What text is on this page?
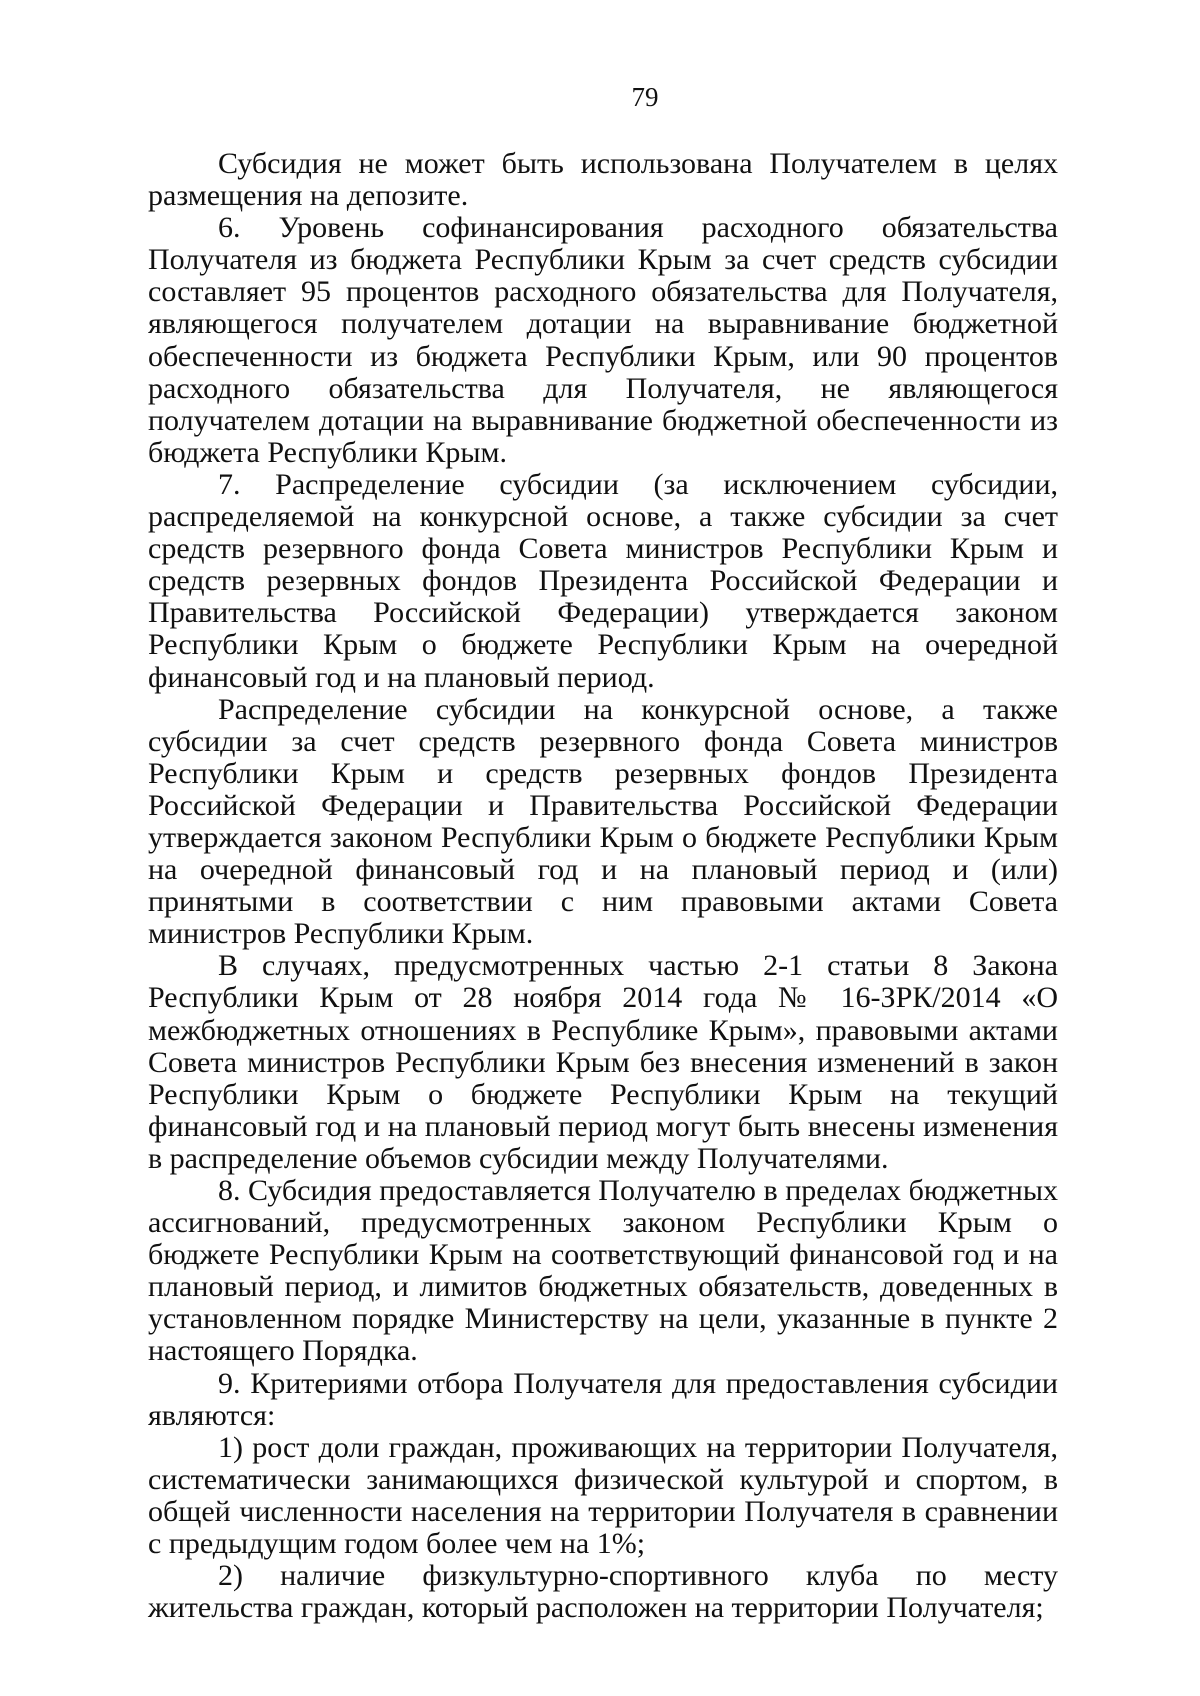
79

Субсидия не может быть использована Получателем в целях размещения на депозите.

6. Уровень софинансирования расходного обязательства Получателя из бюджета Республики Крым за счет средств субсидии составляет 95 процентов расходного обязательства для Получателя, являющегося получателем дотации на выравнивание бюджетной обеспеченности из бюджета Республики Крым, или 90 процентов расходного обязательства для Получателя, не являющегося получателем дотации на выравнивание бюджетной обеспеченности из бюджета Республики Крым.

7. Распределение субсидии (за исключением субсидии, распределяемой на конкурсной основе, а также субсидии за счет средств резервного фонда Совета министров Республики Крым и средств резервных фондов Президента Российской Федерации и Правительства Российской Федерации) утверждается законом Республики Крым о бюджете Республики Крым на очередной финансовый год и на плановый период.

Распределение субсидии на конкурсной основе, а также субсидии за счет средств резервного фонда Совета министров Республики Крым и средств резервных фондов Президента Российской Федерации и Правительства Российской Федерации утверждается законом Республики Крым о бюджете Республики Крым на очередной финансовый год и на плановый период и (или) принятыми в соответствии с ним правовыми актами Совета министров Республики Крым.

В случаях, предусмотренных частью 2-1 статьи 8 Закона Республики Крым от 28 ноября 2014 года № 16-ЗРК/2014 «О межбюджетных отношениях в Республике Крым», правовыми актами Совета министров Республики Крым без внесения изменений в закон Республики Крым о бюджете Республики Крым на текущий финансовый год и на плановый период могут быть внесены изменения в распределение объемов субсидии между Получателями.

8. Субсидия предоставляется Получателю в пределах бюджетных ассигнований, предусмотренных законом Республики Крым о бюджете Республики Крым на соответствующий финансовой год и на плановый период, и лимитов бюджетных обязательств, доведенных в установленном порядке Министерству на цели, указанные в пункте 2 настоящего Порядка.

9. Критериями отбора Получателя для предоставления субсидии являются:

1) рост доли граждан, проживающих на территории Получателя, систематически занимающихся физической культурой и спортом, в общей численности населения на территории Получателя в сравнении с предыдущим годом более чем на 1%;

2) наличие физкультурно-спортивного клуба по месту жительства граждан, который расположен на территории Получателя;
